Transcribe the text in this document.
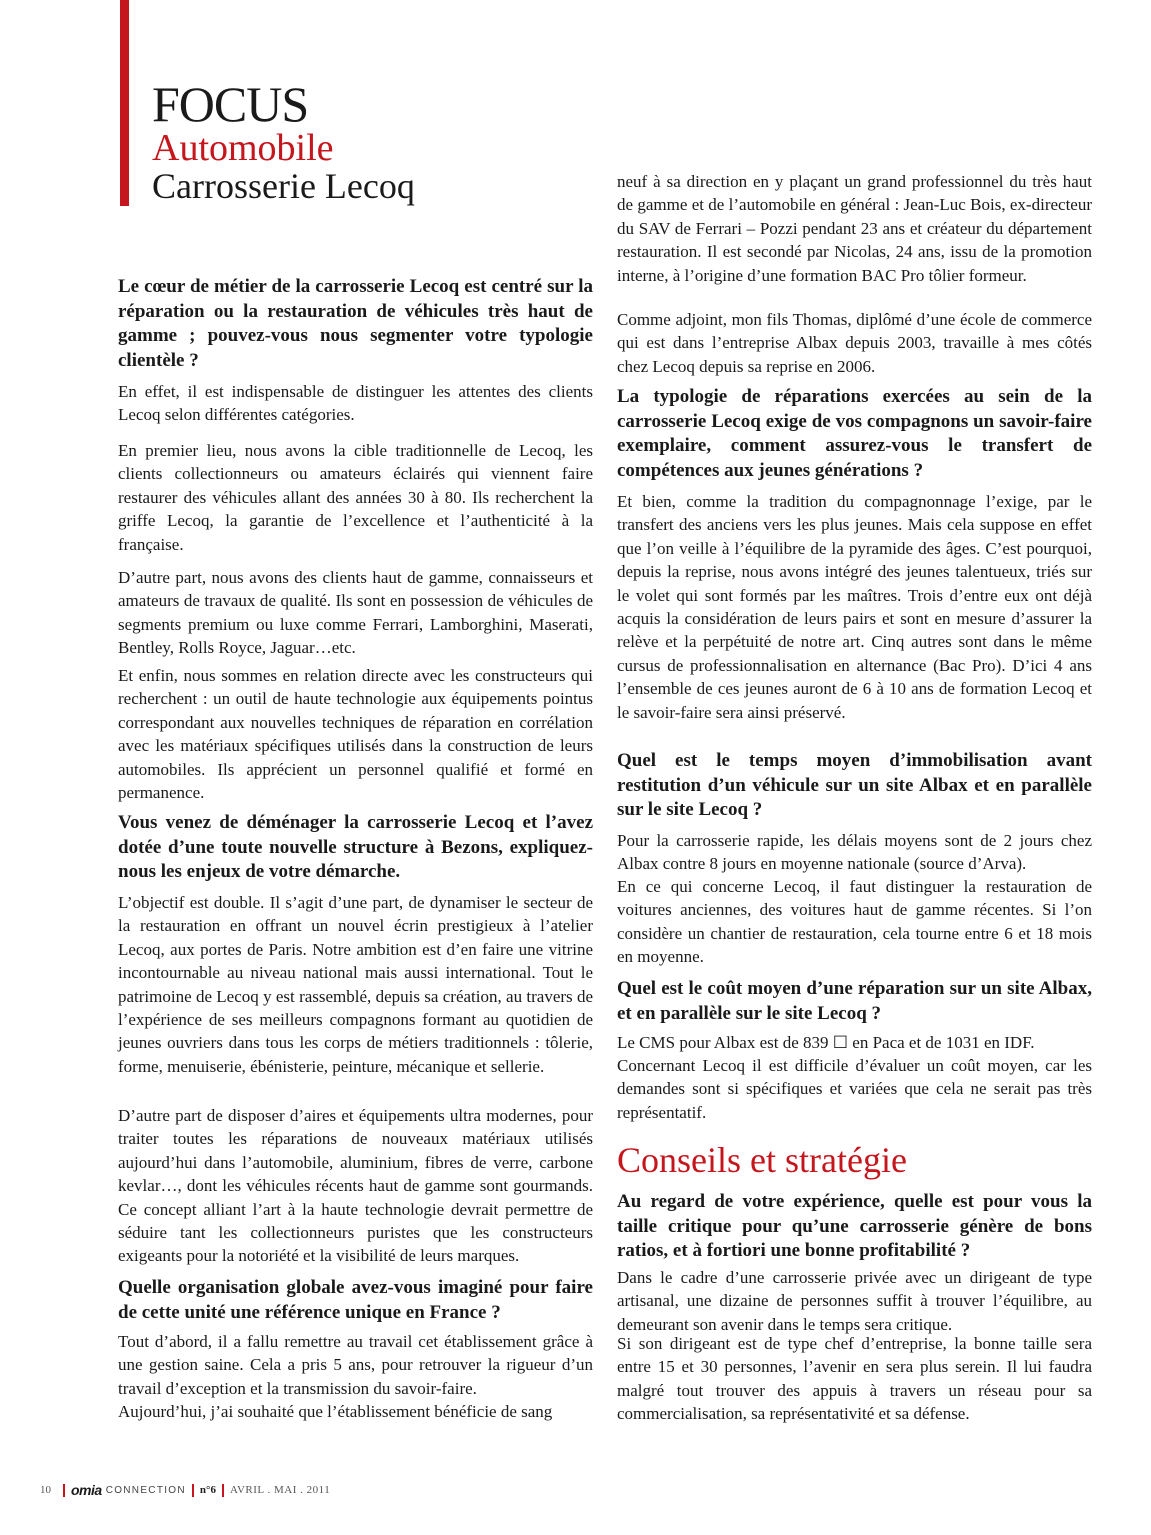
FOCUS
Automobile
Carrosserie Lecoq
Le cœur de métier de la carrosserie Lecoq est centré sur la réparation ou la restauration de véhicules très haut de gamme ; pouvez-vous nous segmenter votre typologie clientèle ?

En effet, il est indispensable de distinguer les attentes des clients Lecoq selon différentes catégories.

En premier lieu, nous avons la cible traditionnelle de Lecoq, les clients collectionneurs ou amateurs éclairés qui viennent faire restaurer des véhicules allant des années 30 à 80. Ils recherchent la griffe Lecoq, la garantie de l’excellence et l’authenticité à la française.

D’autre part, nous avons des clients haut de gamme, connaisseurs et amateurs de travaux de qualité. Ils sont en possession de véhicules de segments premium ou luxe comme Ferrari, Lamborghini, Maserati, Bentley, Rolls Royce, Jaguar…etc.

Et enfin, nous sommes en relation directe avec les constructeurs qui recherchent : un outil de haute technologie aux équipements pointus correspondant aux nouvelles techniques de réparation en corrélation avec les matériaux spécifiques utilisés dans la construction de leurs automobiles. Ils apprécient un personnel qualifié et formé en permanence.

Vous venez de déménager la carrosserie Lecoq et l’avez dotée d’une toute nouvelle structure à Bezons, expliquez-nous les enjeux de votre démarche.

L’objectif est double. Il s’agit d’une part, de dynamiser le secteur de la restauration en offrant un nouvel écrin prestigieux à l’atelier Lecoq, aux portes de Paris. Notre ambition est d’en faire une vitrine incontournable au niveau national mais aussi international. Tout le patrimoine de Lecoq y est rassemblé, depuis sa création, au travers de l’expérience de ses meilleurs compagnons formant au quotidien de jeunes ouvriers dans tous les corps de métiers traditionnels : tôlerie, forme, menuiserie, ébénisterie, peinture, mécanique et sellerie.

D’autre part de disposer d’aires et équipements ultra modernes, pour traiter toutes les réparations de nouveaux matériaux utilisés aujourd’hui dans l’automobile, aluminium, fibres de verre, carbone kevlar…, dont les véhicules récents haut de gamme sont gourmands. Ce concept alliant l’art à la haute technologie devrait permettre de séduire tant les collectionneurs puristes que les constructeurs exigeants pour la notoriété et la visibilité de leurs marques.

Quelle organisation globale avez-vous imaginé pour faire de cette unité une référence unique en France ?

Tout d’abord, il a fallu remettre au travail cet établissement grâce à une gestion saine. Cela a pris 5 ans, pour retrouver la rigueur d’un travail d’exception et la transmission du savoir-faire.

Aujourd’hui, j’ai souhaité que l’établissement bénéficie de sang

neuf à sa direction en y plaçant un grand professionnel du très haut de gamme et de l’automobile en général : Jean-Luc Bois, ex-directeur du SAV de Ferrari – Pozzi pendant 23 ans et créateur du département restauration. Il est secondé par Nicolas, 24 ans, issu de la promotion interne, à l’origine d’une formation BAC Pro tôlier formeur.

Comme adjoint, mon fils Thomas, diplômé d’une école de commerce qui est dans l’entreprise Albax depuis 2003, travaille à mes côtés chez Lecoq depuis sa reprise en 2006.

La typologie de réparations exercées au sein de la carrosserie Lecoq exige de vos compagnons un savoir-faire exemplaire, comment assurez-vous le transfert de compétences aux jeunes générations ?

Et bien, comme la tradition du compagnonnage l’exige, par le transfert des anciens vers les plus jeunes. Mais cela suppose en effet que l’on veille à l’équilibre de la pyramide des âges. C’est pourquoi, depuis la reprise, nous avons intégré des jeunes talentueux, triés sur le volet qui sont formés par les maîtres. Trois d’entre eux ont déjà acquis la considération de leurs pairs et sont en mesure d’assurer la relève et la perpétuité de notre art. Cinq autres sont dans le même cursus de professionnalisation en alternance (Bac Pro). D’ici 4 ans l’ensemble de ces jeunes auront de 6 à 10 ans de formation Lecoq et le savoir-faire sera ainsi préservé.

Quel est le temps moyen d’immobilisation avant restitution d’un véhicule sur un site Albax et en parallèle sur le site Lecoq ?

Pour la carrosserie rapide, les délais moyens sont de 2 jours chez Albax contre 8 jours en moyenne nationale (source d’Arva).

En ce qui concerne Lecoq, il faut distinguer la restauration de voitures anciennes, des voitures haut de gamme récentes. Si l’on considère un chantier de restauration, cela tourne entre 6 et 18 mois en moyenne.

Quel est le coût moyen d’une réparation sur un site Albax, et en parallèle sur le site Lecoq ?

Le CMS pour Albax est de 839 ☐ en Paca et de 1031 en IDF.

Concernant Lecoq il est difficile d’évaluer un coût moyen, car les demandes sont si spécifiques et variées que cela ne serait pas très représentatif.

Conseils et stratégie
Au regard de votre expérience, quelle est pour vous la taille critique pour qu’une carrosserie génère de bons ratios, et à fortiori une bonne profitabilité ?

Dans le cadre d’une carrosserie privée avec un dirigeant de type artisanal, une dizaine de personnes suffit à trouver l’équilibre, au demeurant son avenir dans le temps sera critique.

Si son dirigeant est de type chef d’entreprise, la bonne taille sera entre 15 et 30 personnes, l’avenir en sera plus serein. Il lui faudra malgré tout trouver des appuis à travers un réseau pour sa commercialisation, sa représentativité et sa défense.

10 omia CONNECTION n°6 AVRIL . MAI . 2011
